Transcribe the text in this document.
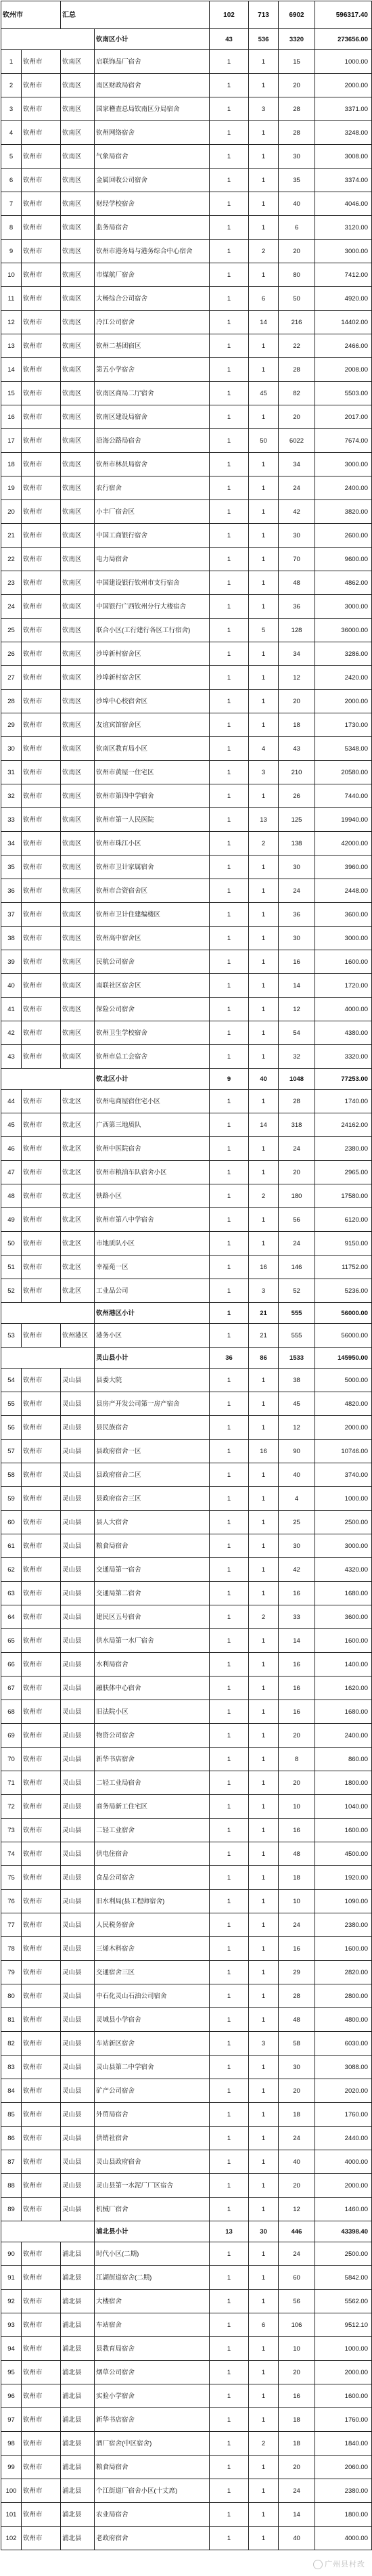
钦州市		汇总		102	713	6902	596317.40
			钦南区小计	43	536	3320	273656.00
1	钦州市	钦南区	启联饰品厂宿舍	1	1	15	1000.00
2	钦州市	钦南区	南区财政局宿舍	1	1	20	2000.00
3	钦州市	钦南区	国家稽查总局钦南区分局宿舍	1	3	28	3371.00
4	钦州市	钦南区	钦州网络宿舍	1	1	28	3248.00
5	钦州市	钦南区	气象局宿舍	1	1	30	3008.00
6	钦州市	钦南区	金属回收公司宿舍	1	1	35	3374.00
7	钦州市	钦南区	财经学校宿舍	1	1	40	4046.00
8	钦州市	钦南区	监务局宿舍	1	1	6	3120.00
9	钦州市	钦南区	钦州市港务局与港务综合中心宿舍	1	2	20	3000.00
10	钦州市	钦南区	市煤航厂宿舍	1	1	80	7412.00
11	钦州市	钦南区	大畅综合公司宿舍	1	6	50	4920.00
12	钦州市	钦南区	冷江公司宿舍	1	14	216	14402.00
13	钦州市	钦南区	钦州二基团宿区	1	1	22	2466.00
14	钦州市	钦南区	第五小学宿舍	1	1	28	2008.00
15	钦州市	钦南区	钦南区商局二厅宿舍	1	45	82	5503.00
16	钦州市	钦南区	钦南区建设局宿舍	1	1	20	2017.00
17	钦州市	钦南区	沿海公路局宿舍	1	50	6022	7674.00
18	钦州市	钦南区	钦州市林员局宿舍	1	1	34	3000.00
19	钦州市	钦南区	农行宿舍	1	1	24	2400.00
20	钦州市	钦南区	小丰厂宿舍区	1	1	42	3820.00
21	钦州市	钦南区	中国工商银行宿舍	1	1	30	2600.00
22	钦州市	钦南区	电力局宿舍	1	1	70	9600.00
23	钦州市	钦南区	中国建设银行钦州市支行宿舍	1	1	48	4862.00
24	钦州市	钦南区	中国银行广西钦州分行大楼宿舍	1	1	36	3000.00
25	钦州市	钦南区	联合小区(工行建行各区工行宿舍)	1	5	128	36000.00
26	钦州市	钦南区	沙埠新村宿舍区	1	1	34	3286.00
27	钦州市	钦南区	沙埠新村宿舍区	1	1	12	2420.00
28	钦州市	钦南区	沙埠中心校宿舍区	1	1	20	2000.00
29	钦州市	钦南区	友谊宾馆宿舍区	1	1	18	1730.00
30	钦州市	钦南区	钦南区教育局小区	1	4	43	5348.00
31	钦州市	钦南区	钦州市黄屋一住宅区	1	3	210	20580.00
32	钦州市	钦南区	钦州市第四中学宿舍	1	1	26	7440.00
33	钦州市	钦南区	钦州市第一人民医院	1	13	125	19940.00
34	钦州市	钦南区	钦州市珠江小区	1	2	138	42000.00
35	钦州市	钦南区	钦州市卫计家属宿舍	1	1	30	3960.00
36	钦州市	钦南区	钦州市合资宿舍区	1	1	24	2448.00
37	钦州市	钦南区	钦州市卫计住建编楼区	1	1	36	3600.00
38	钦州市	钦南区	钦州高中宿舍区	1	1	30	3000.00
39	钦州市	钦南区	民航公司宿舍	1	1	16	1600.00
40	钦州市	钦南区	南联社区宿舍区	1	1	14	1720.00
41	钦州市	钦南区	保险公司宿舍	1	1	12	4000.00
42	钦州市	钦南区	钦州卫生学校宿舍	1	1	54	4380.00
43	钦州市	钦南区	钦州市总工会宿舍	1	1	32	3320.00
			钦北区小计	9	40	1048	77253.00
44	钦州市	钦北区	钦州电商屋宿住宅小区	1	1	28	1740.00
45	钦州市	钦北区	广西第三地质队	1	14	318	24162.00
46	钦州市	钦北区	钦州中医院宿舍	1	1	24	2380.00
47	钦州市	钦北区	钦州市粮油车队宿舍小区	1	1	20	2965.00
48	钦州市	钦北区	铁路小区	1	2	180	17580.00
49	钦州市	钦北区	钦州市第八中学宿舍	1	1	56	6120.00
50	钦州市	钦北区	市地质队小区	1	1	24	9150.00
51	钦州市	钦北区	幸福苑一区	1	16	146	11752.00
52	钦州市	钦北区	工业品公司	1	3	52	5236.00
			钦州港区小计	1	21	555	56000.00
53	钦州市	钦州港区	港务小区	1	21	555	56000.00
			灵山县小计	36	86	1533	145950.00
54	钦州市	灵山县	县委大院	1	1	38	5000.00
55	钦州市	灵山县	县房产开发公司第一房产宿舍	1	1	45	4820.00
56	钦州市	灵山县	县民族宿舍	1	1	12	2000.00
57	钦州市	灵山县	县政府宿舍一区	1	16	90	10746.00
58	钦州市	灵山县	县政府宿舍二区	1	1	40	3740.00
59	钦州市	灵山县	县政府宿舍三区	1	1	4	1000.00
60	钦州市	灵山县	县人大宿舍	1	1	25	2500.00
61	钦州市	灵山县	粮食局宿舍	1	1	30	3000.00
62	钦州市	灵山县	交通局第一宿舍	1	1	42	4320.00
63	钦州市	灵山县	交通局第二宿舍	1	1	16	1680.00
64	钦州市	灵山县	建民区五号宿舍	1	2	33	3600.00
65	钦州市	灵山县	供水局第一水厂宿舍	1	1	14	1600.00
66	钦州市	灵山县	水利局宿舍	1	1	16	1400.00
67	钦州市	灵山县	融肤体中心宿舍	1	1	16	1620.00
68	钦州市	灵山县	旧法院小区	1	1	16	1680.00
69	钦州市	灵山县	物资公司宿舍	1	1	20	2400.00
70	钦州市	灵山县	新华书店宿舍	1	1	8	860.00
71	钦州市	灵山县	二轻工业局宿舍	1	1	20	1800.00
72	钦州市	灵山县	商务局新工住宅区	1	1	10	1040.00
73	钦州市	灵山县	二轻工业宿舍	1	1	16	1600.00
74	钦州市	灵山县	供电住宿舍	1	1	48	4500.00
75	钦州市	灵山县	食品公司宿舍	1	1	18	1920.00
76	钦州市	灵山县	旧水利局(县工程师宿舍)	1	1	10	1090.00
77	钦州市	灵山县	人民税务宿舍	1	1	24	2380.00
78	钦州市	灵山县	三烯木料宿舍	1	1	16	1600.00
79	钦州市	灵山县	交通宿舍三区	1	1	29	2820.00
80	钦州市	灵山县	中石化灵山石油公司宿舍	1	1	28	2800.00
81	钦州市	灵山县	灵城县小学宿舍	1	1	48	4800.00
82	钦州市	灵山县	车站新区宿舍	1	3	58	6030.00
83	钦州市	灵山县	灵山县第二中学宿舍	1	1	30	3088.00
84	钦州市	灵山县	矿产公司宿舍	1	1	20	2020.00
85	钦州市	灵山县	外贸局宿舍	1	1	18	1760.00
86	钦州市	灵山县	供销社宿舍	1	1	24	2440.00
87	钦州市	灵山县	灵山县政府宿舍	1	1	40	4000.00
88	钦州市	灵山县	灵山县第一水泥厂厂区宿舍	1	1	20	2000.00
89	钦州市	灵山县	机械厂宿舍	1	1	12	1460.00
			浦北县小计	13	30	446	43398.40
90	钦州市	浦北县	时代小区(二期)	1	1	24	2500.00
91	钦州市	浦北县	江湖街道宿舍(二期)	1	1	60	5842.00
92	钦州市	浦北县	大楼宿舍	1	1	56	5562.00
93	钦州市	浦北县	车站宿舍	1	6	106	9512.10
94	钦州市	浦北县	县教育局宿舍	1	1	10	1000.00
95	钦州市	浦北县	烟草公司宿舍	1	1	20	2000.00
96	钦州市	浦北县	实验小学宿舍	1	1	16	1600.00
97	钦州市	浦北县	新华书店宿舍	1	1	18	1760.00
98	钦州市	浦北县	酒厂宿舍(中区宿舍)	1	2	18	1840.00
99	钦州市	浦北县	粮食局宿舍	1	1	20	2060.00
100	钦州市	浦北县	个江街道厂宿舍小区(十丈席)	1	1	24	2380.00
101	钦州市	浦北县	农业局宿舍	1	1	14	1800.00
102	钦州市	浦北县	老政府宿舍	1	1	40	4000.00
广州县村改
